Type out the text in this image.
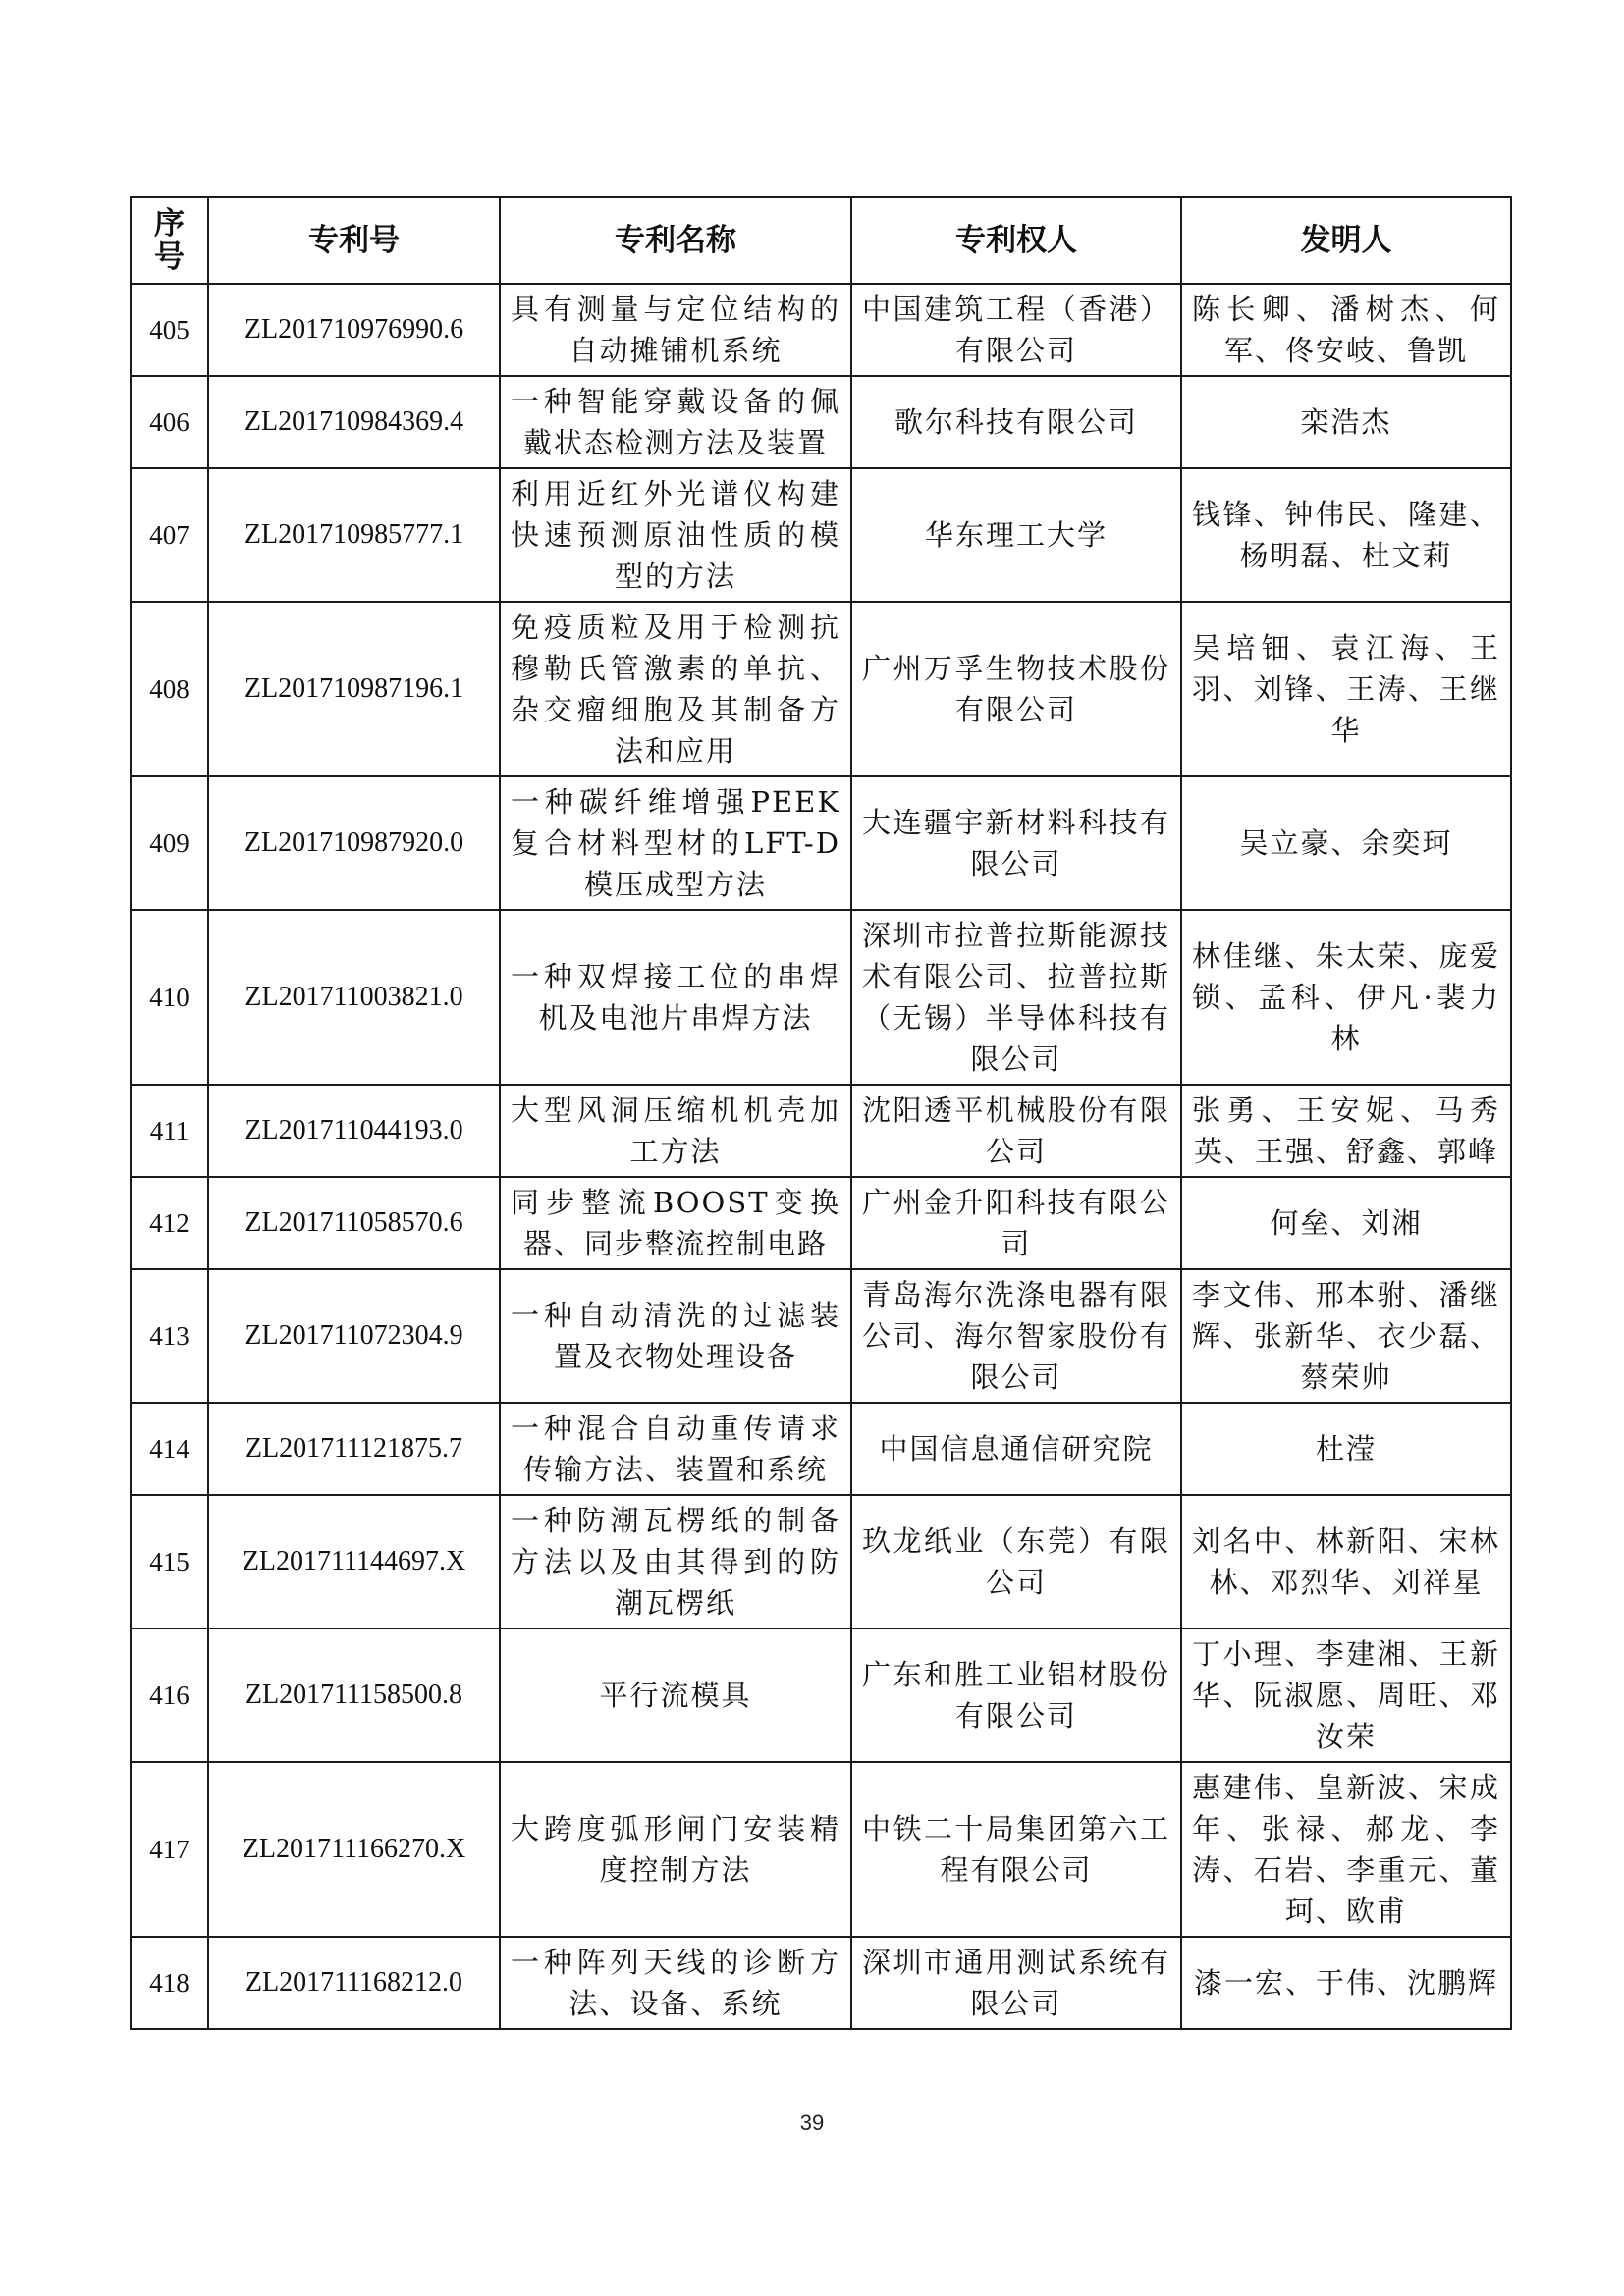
序号	专利号	专利名称	专利权人	发明人
405	ZL201710976990.6	具有测量与定位结构的自动摊铺机系统	中国建筑工程（香港）有限公司	陈长卿、潘树杰、何军、佟安岐、鲁凯
406	ZL201710984369.4	一种智能穿戴设备的佩戴状态检测方法及装置	歌尔科技有限公司	栾浩杰
407	ZL201710985777.1	利用近红外光谱仪构建快速预测原油性质的模型的方法	华东理工大学	钱锋、钟伟民、隆建、杨明磊、杜文莉
408	ZL201710987196.1	免疫质粒及用于检测抗穆勒氏管激素的单抗、杂交瘤细胞及其制备方法和应用	广州万孚生物技术股份有限公司	吴培钿、袁江海、王羽、刘锋、王涛、王继华
409	ZL201710987920.0	一种碳纤维增强PEEK复合材料型材的LFT-D模压成型方法	大连疆宇新材料科技有限公司	吴立豪、余奕珂
410	ZL201711003821.0	一种双焊接工位的串焊机及电池片串焊方法	深圳市拉普拉斯能源技术有限公司、拉普拉斯（无锡）半导体科技有限公司	林佳继、朱太荣、庞爱锁、孟科、伊凡·裴力林
411	ZL201711044193.0	大型风洞压缩机机壳加工方法	沈阳透平机械股份有限公司	张勇、王安妮、马秀英、王强、舒鑫、郭峰
412	ZL201711058570.6	同步整流BOOST变换器、同步整流控制电路	广州金升阳科技有限公司	何垒、刘湘
413	ZL201711072304.9	一种自动清洗的过滤装置及衣物处理设备	青岛海尔洗涤电器有限公司、海尔智家股份有限公司	李文伟、邢本驸、潘继辉、张新华、衣少磊、蔡荣帅
414	ZL201711121875.7	一种混合自动重传请求传输方法、装置和系统	中国信息通信研究院	杜滢
415	ZL201711144697.X	一种防潮瓦楞纸的制备方法以及由其得到的防潮瓦楞纸	玖龙纸业（东莞）有限公司	刘名中、林新阳、宋林林、邓烈华、刘祥星
416	ZL201711158500.8	平行流模具	广东和胜工业铝材股份有限公司	丁小理、李建湘、王新华、阮淑愿、周旺、邓汝荣
417	ZL201711166270.X	大跨度弧形闸门安装精度控制方法	中铁二十局集团第六工程有限公司	惠建伟、皇新波、宋成年、张禄、郝龙、李涛、石岩、李重元、董珂、欧甫
418	ZL201711168212.0	一种阵列天线的诊断方法、设备、系统	深圳市通用测试系统有限公司	漆一宏、于伟、沈鹏辉
39
